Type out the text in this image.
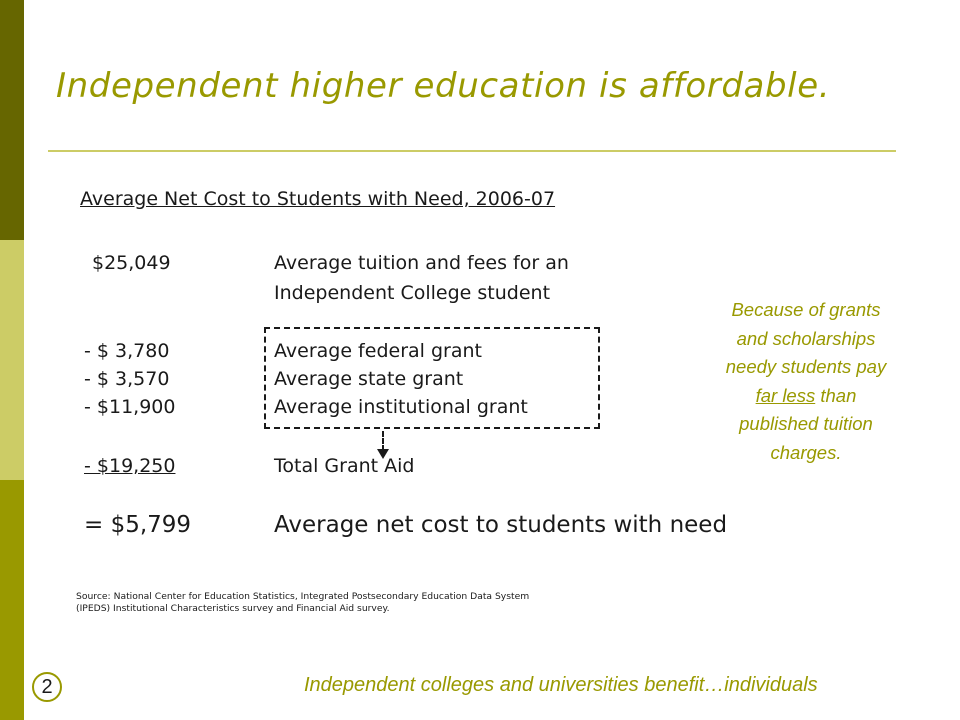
Independent higher education is affordable.
Average Net Cost to Students with Need, 2006-07
$25,049	Average tuition and fees for an
Independent College student
- $ 3,780	Average federal grant
- $ 3,570	Average state grant
- $11,900	Average institutional grant
- $19,250	Total Grant Aid
= $5,799	Average net cost to students with need
Because of grants
and scholarships
needy students pay
far less than
published tuition
charges.
Source: National Center for Education Statistics, Integrated Postsecondary Education Data System
(IPEDS) Institutional Characteristics survey and Financial Aid survey.
2	Independent colleges and universities benefit…individuals
